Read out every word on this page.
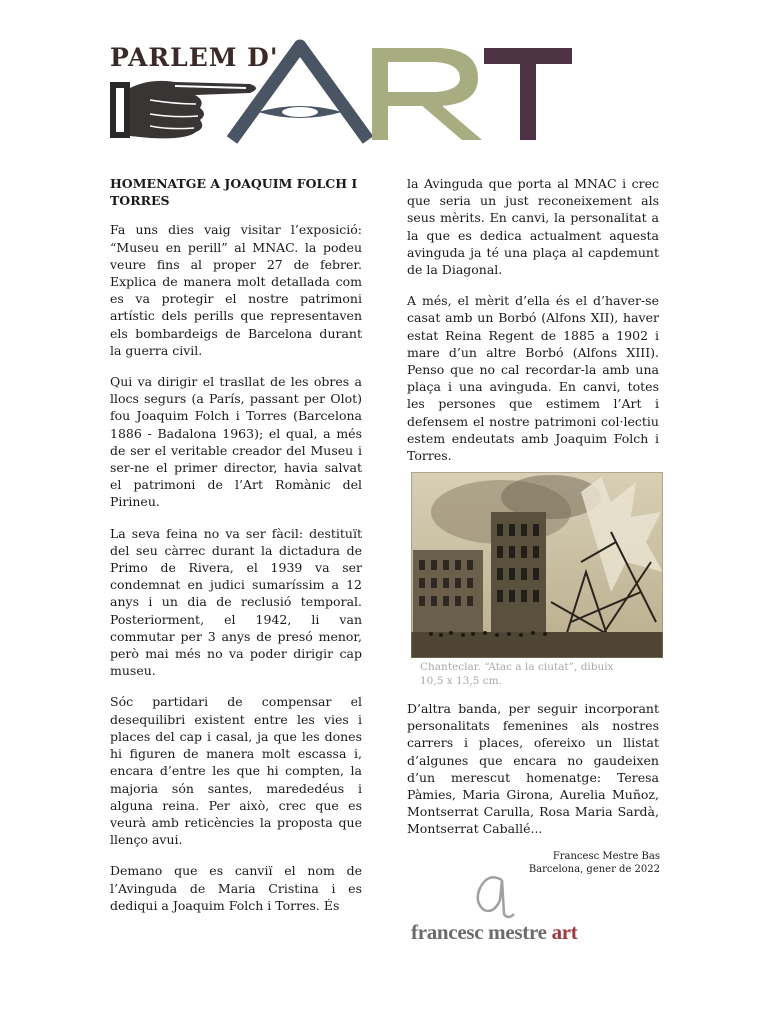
PARLEM D'
HOMENATGE A JOAQUIM FOLCH I TORRES

Fa uns dies vaig visitar l’exposició: “Museu en perill” al MNAC. la podeu veure fins al proper 27 de febrer. Explica de manera molt detallada com es va protegir el nostre patrimoni artístic dels perills que representaven els bombardeigs de Barcelona durant la guerra civil.

Qui va dirigir el trasllat de les obres a llocs segurs (a París, passant per Olot) fou Joaquim Folch i Torres (Barcelona 1886 - Badalona 1963); el qual, a més de ser el veritable creador del Museu i ser-ne el primer director, havia salvat el patrimoni de l’Art Romànic del Pirineu.

La seva feina no va ser fàcil: destituït del seu càrrec durant la dictadura de Primo de Rivera, el 1939 va ser condemnat en judici sumaríssim a 12 anys i un dia de reclusió temporal. Posteriorment, el 1942, li van commutar per 3 anys de presó menor, però mai més no va poder dirigir cap museu.

Sóc partidari de compensar el desequilibri existent entre les vies i places del cap i casal, ja que les dones hi figuren de manera molt escassa i, encara d’entre les que hi compten, la majoria són santes, marededéus i alguna reina. Per això, crec que es veurà amb reticències la proposta que llenço avui.

Demano que es canviï el nom de l’Avinguda de Maria Cristina i es dediqui a Joaquim Folch i Torres. És

la Avinguda que porta al MNAC i crec que seria un just reconeixement als seus mèrits. En canvi, la personalitat a la que es dedica actualment aquesta avinguda ja té una plaça al capdemunt de la Diagonal.

A més, el mèrit d’ella és el d’haver-se casat amb un Borbó (Alfons XII), haver estat Reina Regent de 1885 a 1902 i mare d’un altre Borbó (Alfons XIII). Penso que no cal recordar-la amb una plaça i una avinguda. En canvi, totes les persones que estimem l’Art i defensem el nostre patrimoni col·lectiu estem endeutats amb Joaquim Folch i Torres.

Chanteclar. “Atac a la ciutat”, dibuix
10,5 x 13,5 cm.

D’altra banda, per seguir incorporant personalitats femenines als nostres carrers i places, ofereixo un llistat d’algunes que encara no gaudeixen d’un merescut homenatge: Teresa Pàmies, Maria Girona, Aurelia Muñoz, Montserrat Carulla, Rosa Maria Sardà, Montserrat Caballé...

Francesc Mestre Bas
Barcelona, gener de 2022
francesc mestre art
